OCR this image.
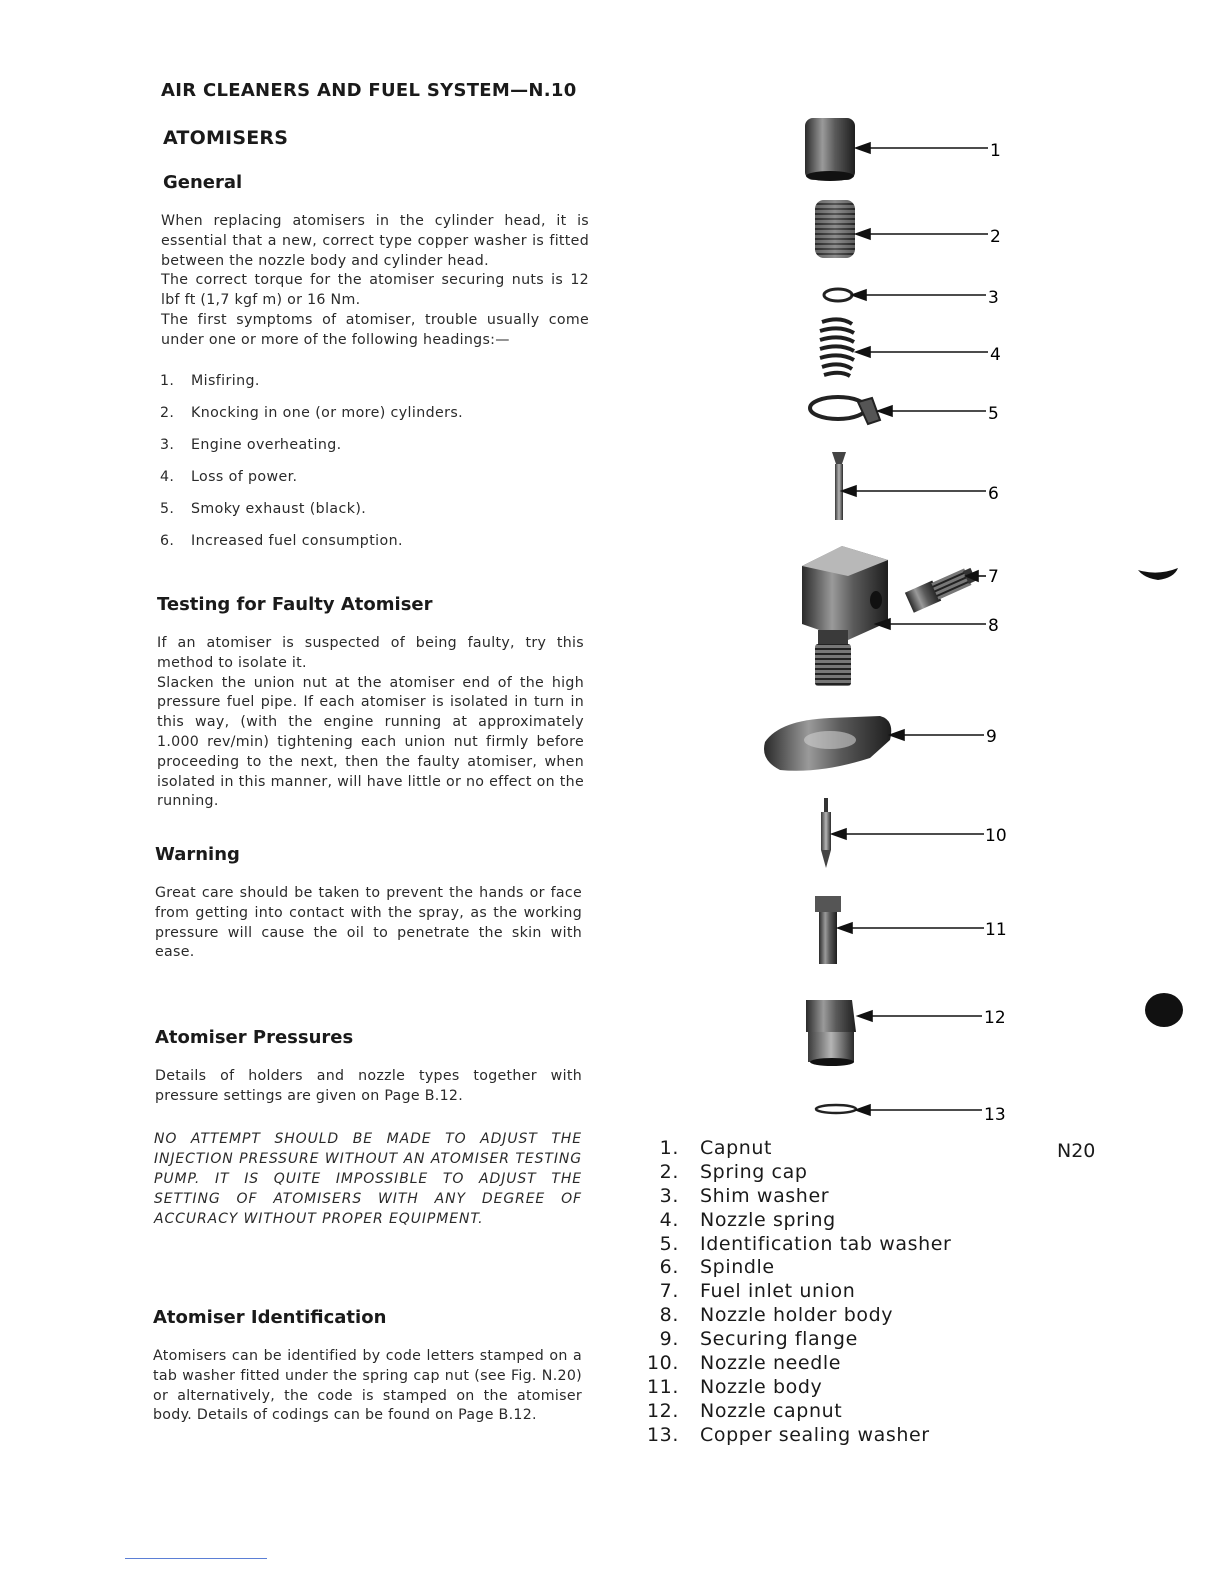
AIR CLEANERS AND FUEL SYSTEM—N.10
ATOMISERS
General

When replacing atomisers in the cylinder head, it is essential that a new, correct type copper washer is fitted between the nozzle body and cylinder head.

The correct torque for the atomiser securing nuts is 12 lbf ft (1,7 kgf m) or 16 Nm.

The first symptoms of atomiser, trouble usually come under one or more of the following headings:—

1.	Misfiring.
2.	Knocking in one (or more) cylinders.
3.	Engine overheating.
4.	Loss of power.
5.	Smoky exhaust (black).
6.	Increased fuel consumption.
Testing for Faulty Atomiser

If an atomiser is suspected of being faulty, try this method to isolate it.

Slacken the union nut at the atomiser end of the high pressure fuel pipe. If each atomiser is isolated in turn in this way, (with the engine running at approximately 1.000 rev/min) tightening each union nut firmly before proceeding to the next, then the faulty atomiser, when isolated in this manner, will have little or no effect on the running.

Warning
Great care should be taken to prevent the hands or face from getting into contact with the spray, as the working pressure will cause the oil to penetrate the skin with ease.
Atomiser Pressures
Details of holders and nozzle types together with pressure settings are given on Page B.12.
NO ATTEMPT SHOULD BE MADE TO ADJUST THE INJECTION PRESSURE WITHOUT AN ATOMISER TESTING PUMP. IT IS QUITE IMPOSSIBLE TO ADJUST THE SETTING OF ATOMISERS WITH ANY DEGREE OF ACCURACY WITHOUT PROPER EQUIPMENT.
Atomiser Identification
Atomisers can be identified by code letters stamped on a tab washer fitted under the spring cap nut (see Fig. N.20) or alternatively, the code is stamped on the atomiser body. Details of codings can be found on Page B.12.
1
2
3
4
5
6
7
8
9
10
11
12
13
N20
1. Capnut
2. Spring cap
3. Shim washer
4. Nozzle spring
5. Identification tab washer
6. Spindle
7. Fuel inlet union
8. Nozzle holder body
9. Securing flange
10. Nozzle needle
11. Nozzle body
12. Nozzle capnut
13. Copper sealing washer
